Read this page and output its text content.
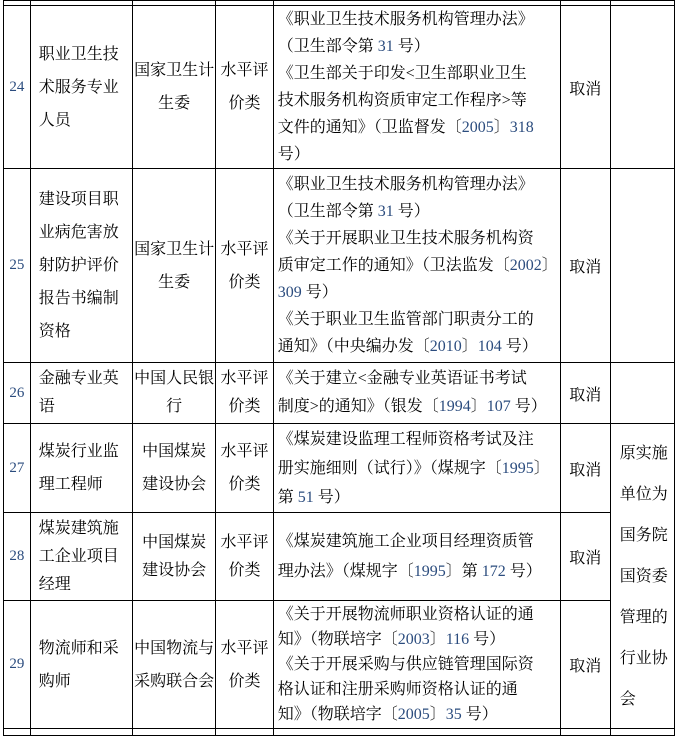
24	
职业卫生技
术服务专业
人员

国家卫生计
生委

水平评
价类

《职业卫生技术服务机构管理办法》
（卫生部令第 31 号）
《卫生部关于印发<卫生部职业卫生
技术服务机构资质审定工作程序>等
文件的通知》（卫监督发〔2005〕318
号）
	取消	
25	
建设项目职
业病危害放
射防护评价
报告书编制
资格

国家卫生计
生委

水平评
价类

《职业卫生技术服务机构管理办法》
（卫生部令第 31 号）
《关于开展职业卫生技术服务机构资
质审定工作的通知》（卫法监发〔2002〕
309 号）
《关于职业卫生监管部门职责分工的
通知》（中央编办发〔2010〕104 号）
	取消	
26	
金融专业英
语

中国人民银
行

水平评
价类

《关于建立<金融专业英语证书考试
制度>的通知》（银发〔1994〕107 号）
	取消	
27	
煤炭行业监
理工程师

中国煤炭
建设协会

水平评
价类

《煤炭建设监理工程师资格考试及注
册实施细则（试行）》（煤规字〔1995〕
第 51 号）
	取消	
原实施
单位为
国务院
国资委
管理的
行业协
会

28	
煤炭建筑施
工企业项目
经理

中国煤炭
建设协会

水平评
价类

《煤炭建筑施工企业项目经理资质管
理办法》（煤规字〔1995〕第 172 号）
	取消
29	
物流师和采
购师

中国物流与
采购联合会

水平评
价类

《关于开展物流师职业资格认证的通
知》（物联培字〔2003〕116 号）
《关于开展采购与供应链管理国际资
格认证和注册采购师资格认证的通
知》（物联培字〔2005〕35 号）
	取消
